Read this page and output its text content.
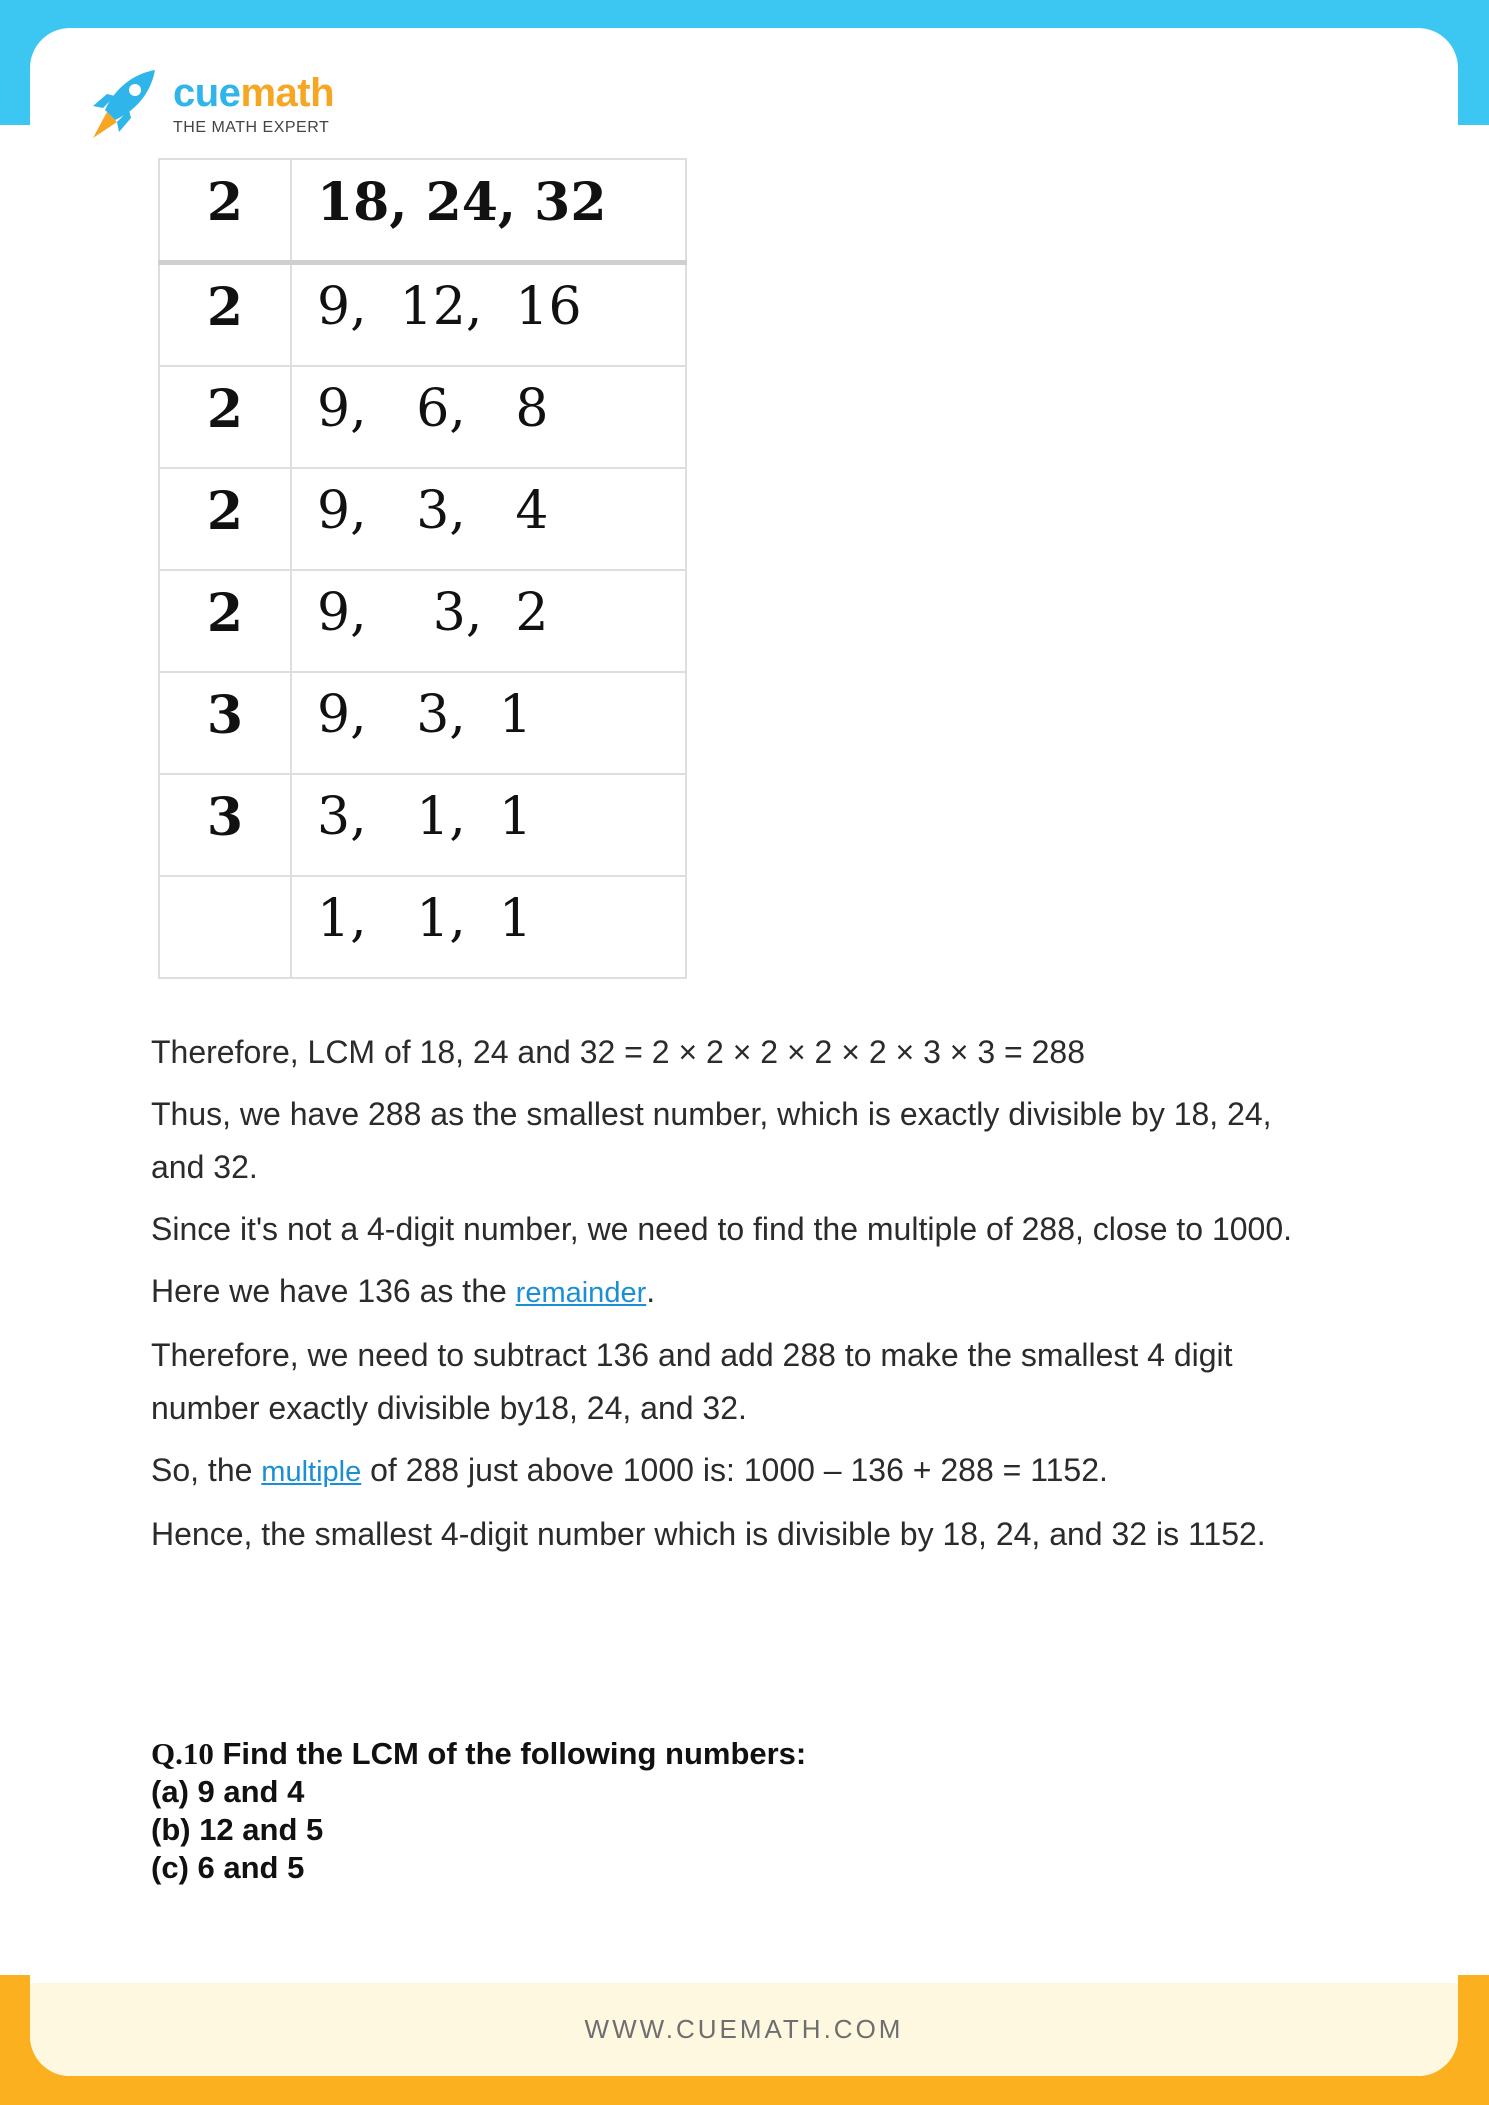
cuemath
THE MATH EXPERT
WWW.CUEMATH.COM
2	18, 24, 32
2	9,  12,  16
2	9,   6,   8
2	9,   3,   4
2	9,    3,  2
3	9,   3,  1
3	3,   1,  1
	1,   1,  1

Therefore, LCM of 18, 24 and 32 = 2 × 2 × 2 × 2 × 2 × 3 × 3 = 288

Thus, we have 288 as the smallest number, which is exactly divisible by 18, 24, and 32.

Since it's not a 4-digit number, we need to find the multiple of 288, close to 1000.

Here we have 136 as the remainder.

Therefore, we need to subtract 136 and add 288 to make the smallest 4 digit number exactly divisible by18, 24, and 32.

So, the multiple of 288 just above 1000 is: 1000 – 136 + 288 = 1152.

Hence, the smallest 4-digit number which is divisible by 18, 24, and 32 is 1152.

Q.10 Find the LCM of the following numbers:
(a) 9 and 4
(b) 12 and 5
(c) 6 and 5
